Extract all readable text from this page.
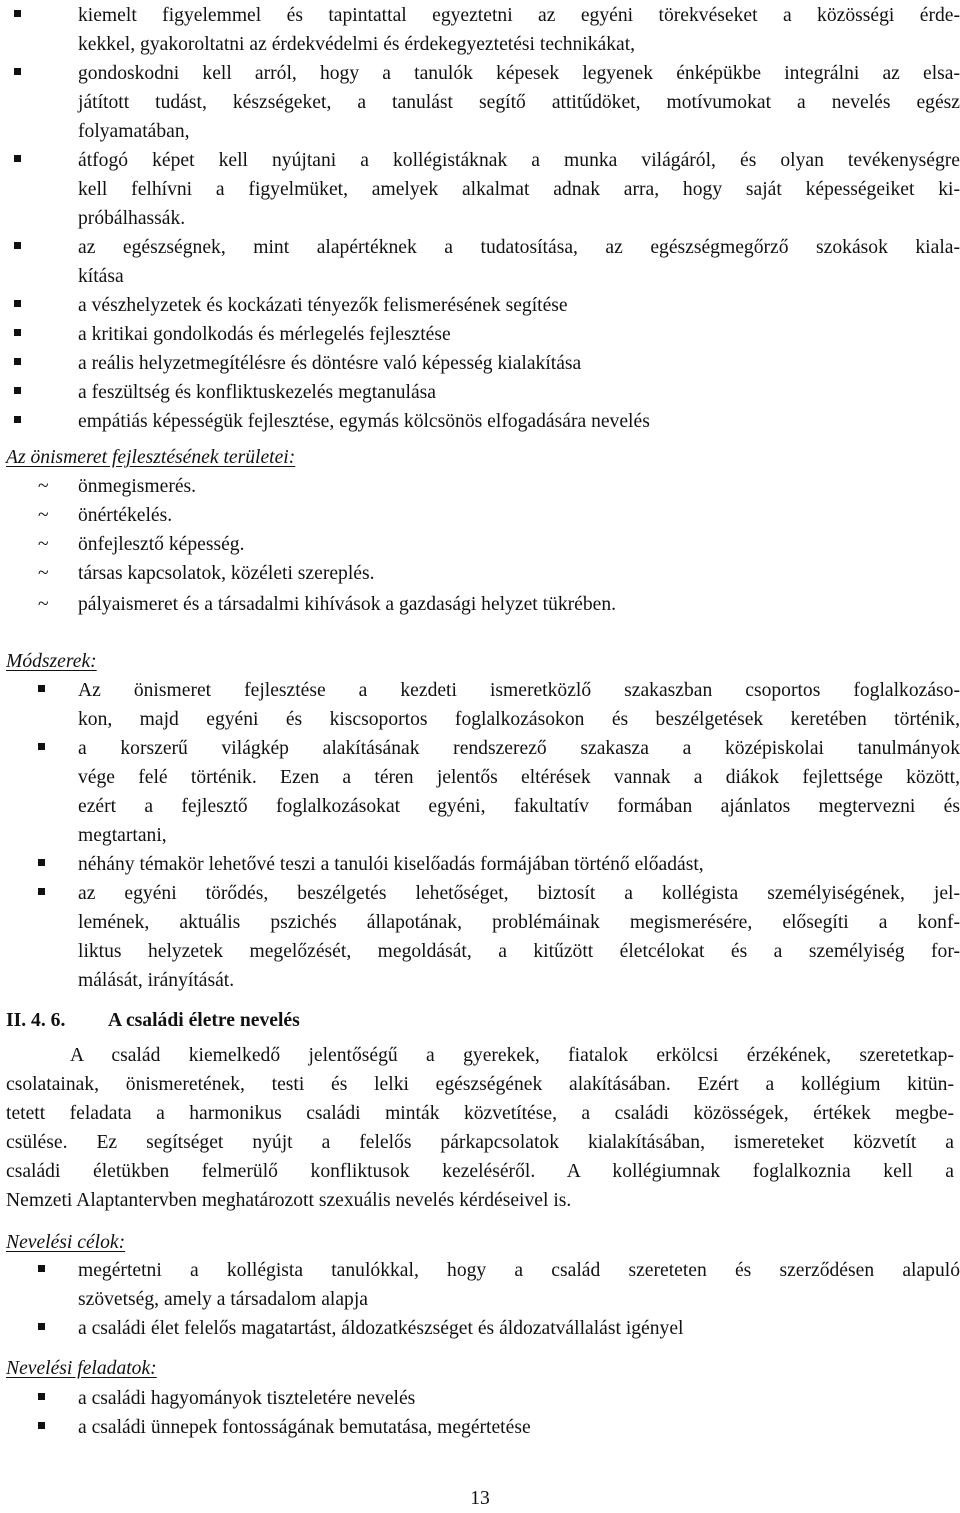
kiemelt figyelemmel és tapintattal egyeztetni az egyéni törekvéseket a közösségi érde-
kekkel, gyakoroltatni az érdekvédelmi és érdekegyeztetési technikákat,
gondoskodni kell arról, hogy a tanulók képesek legyenek énképükbe integrálni az elsa-
játított tudást, készségeket, a tanulást segítő attitűdöket, motívumokat a nevelés egész
folyamatában,
átfogó képet kell nyújtani a kollégistáknak a munka világáról, és olyan tevékenységre
kell felhívni a figyelmüket, amelyek alkalmat adnak arra, hogy saját képességeiket ki-
próbálhassák.
az egészségnek, mint alapértéknek a tudatosítása, az egészségmegőrző szokások kiala-
kítása
a vészhelyzetek és kockázati tényezők felismerésének segítése
a kritikai gondolkodás és mérlegelés fejlesztése
a reális helyzetmegítélésre és döntésre való képesség kialakítása
a feszültség és konfliktuskezelés megtanulása
empátiás képességük fejlesztése, egymás kölcsönös elfogadására nevelés
Az önismeret fejlesztésének területei:
~ önmegismerés.
~ önértékelés.
~ önfejlesztő képesség.
~ társas kapcsolatok, közéleti szereplés.
~ pályaismeret és a társadalmi kihívások a gazdasági helyzet tükrében.
Módszerek:
Az önismeret fejlesztése a kezdeti ismeretközlő szakaszban csoportos foglalkozáso-
kon, majd egyéni és kiscsoportos foglalkozásokon és beszélgetések keretében történik,
a korszerű világkép alakításának rendszerező szakasza a középiskolai tanulmányok
vége felé történik. Ezen a téren jelentős eltérések vannak a diákok fejlettsége között,
ezért a fejlesztő foglalkozásokat egyéni, fakultatív formában ajánlatos megtervezni és
megtartani,
néhány témakör lehetővé teszi a tanulói kiselőadás formájában történő előadást,
az egyéni törődés, beszélgetés lehetőséget, biztosít a kollégista személyiségének, jel-
lemének, aktuális pszichés állapotának, problémáinak megismerésére, elősegíti a konf-
liktus helyzetek megelőzését, megoldását, a kitűzött életcélokat és a személyiség for-
málását, irányítását.
II. 4. 6. A családi életre nevelés
A család kiemelkedő jelentőségű a gyerekek, fiatalok erkölcsi érzékének, szeretetkap-
csolatainak, önismeretének, testi és lelki egészségének alakításában. Ezért a kollégium kitün-
tetett feladata a harmonikus családi minták közvetítése, a családi közösségek, értékek megbe-
csülése. Ez segítséget nyújt a felelős párkapcsolatok kialakításában, ismereteket közvetít a
családi életükben felmerülő konfliktusok kezeléséről. A kollégiumnak foglalkoznia kell a
Nemzeti Alaptantervben meghatározott szexuális nevelés kérdéseivel is.
Nevelési célok:
megértetni a kollégista tanulókkal, hogy a család szereteten és szerződésen alapuló
szövetség, amely a társadalom alapja
a családi élet felelős magatartást, áldozatkészséget és áldozatvállalást igényel
Nevelési feladatok:
a családi hagyományok tiszteletére nevelés
a családi ünnepek fontosságának bemutatása, megértetése
13
